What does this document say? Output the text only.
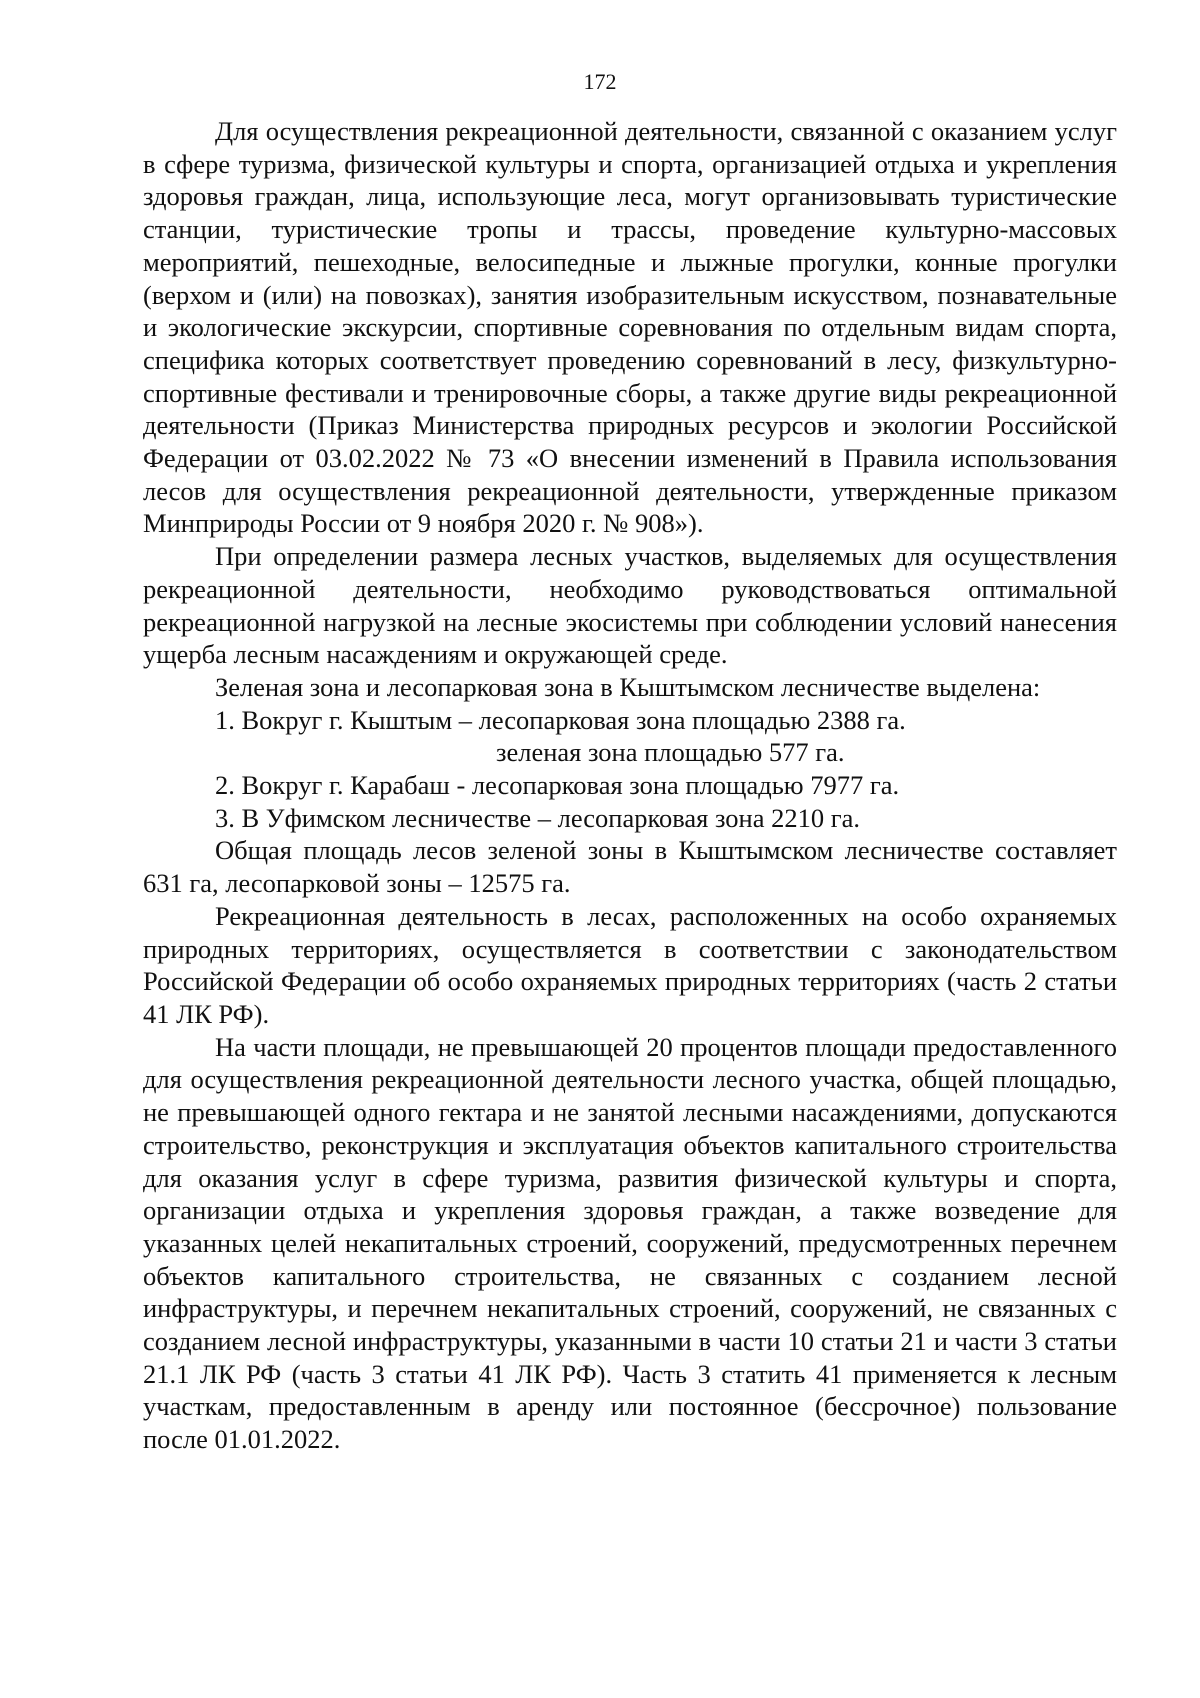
172

Для осуществления рекреационной деятельности, связанной с оказанием услуг в сфере туризма, физической культуры и спорта, организацией отдыха и укрепления здоровья граждан, лица, использующие леса, могут организовывать туристические станции, туристические тропы и трассы, проведение культурно-массовых мероприятий, пешеходные, велосипедные и лыжные прогулки, конные прогулки (верхом и (или) на повозках), занятия изобразительным искусством, познавательные и экологические экскурсии, спортивные соревнования по отдельным видам спорта, специфика которых соответствует проведению соревнований в лесу, физкультурно-спортивные фестивали и тренировочные сборы, а также другие виды рекреационной деятельности (Приказ Министерства природных ресурсов и экологии Российской Федерации от 03.02.2022 № 73 «О внесении изменений в Правила использования лесов для осуществления рекреационной деятельности, утвержденные приказом Минприроды России от 9 ноября 2020 г. № 908»).

При определении размера лесных участков, выделяемых для осуществления рекреационной деятельности, необходимо руководствоваться оптимальной рекреационной нагрузкой на лесные экосистемы при соблюдении условий нанесения ущерба лесным насаждениям и окружающей среде.

Зеленая зона и лесопарковая зона в Кыштымском лесничестве выделена:

1. Вокруг г. Кыштым – лесопарковая зона площадью 2388 га.

зеленая зона площадью 577 га.

2. Вокруг г. Карабаш - лесопарковая зона площадью 7977 га.

3. В Уфимском лесничестве – лесопарковая зона 2210 га.

Общая площадь лесов зеленой зоны в Кыштымском лесничестве составляет 631 га, лесопарковой зоны – 12575 га.

Рекреационная деятельность в лесах, расположенных на особо охраняемых природных территориях, осуществляется в соответствии с законодательством Российской Федерации об особо охраняемых природных территориях (часть 2 статьи 41 ЛК РФ).

На части площади, не превышающей 20 процентов площади предоставленного для осуществления рекреационной деятельности лесного участка, общей площадью, не превышающей одного гектара и не занятой лесными насаждениями, допускаются строительство, реконструкция и эксплуатация объектов капитального строительства для оказания услуг в сфере туризма, развития физической культуры и спорта, организации отдыха и укрепления здоровья граждан, а также возведение для указанных целей некапитальных строений, сооружений, предусмотренных перечнем объектов капитального строительства, не связанных с созданием лесной инфраструктуры, и перечнем некапитальных строений, сооружений, не связанных с созданием лесной инфраструктуры, указанными в части 10 статьи 21 и части 3 статьи 21.1 ЛК РФ (часть 3 статьи 41 ЛК РФ). Часть 3 статить 41 применяется к лесным участкам, предоставленным в аренду или постоянное (бессрочное) пользование после 01.01.2022.
